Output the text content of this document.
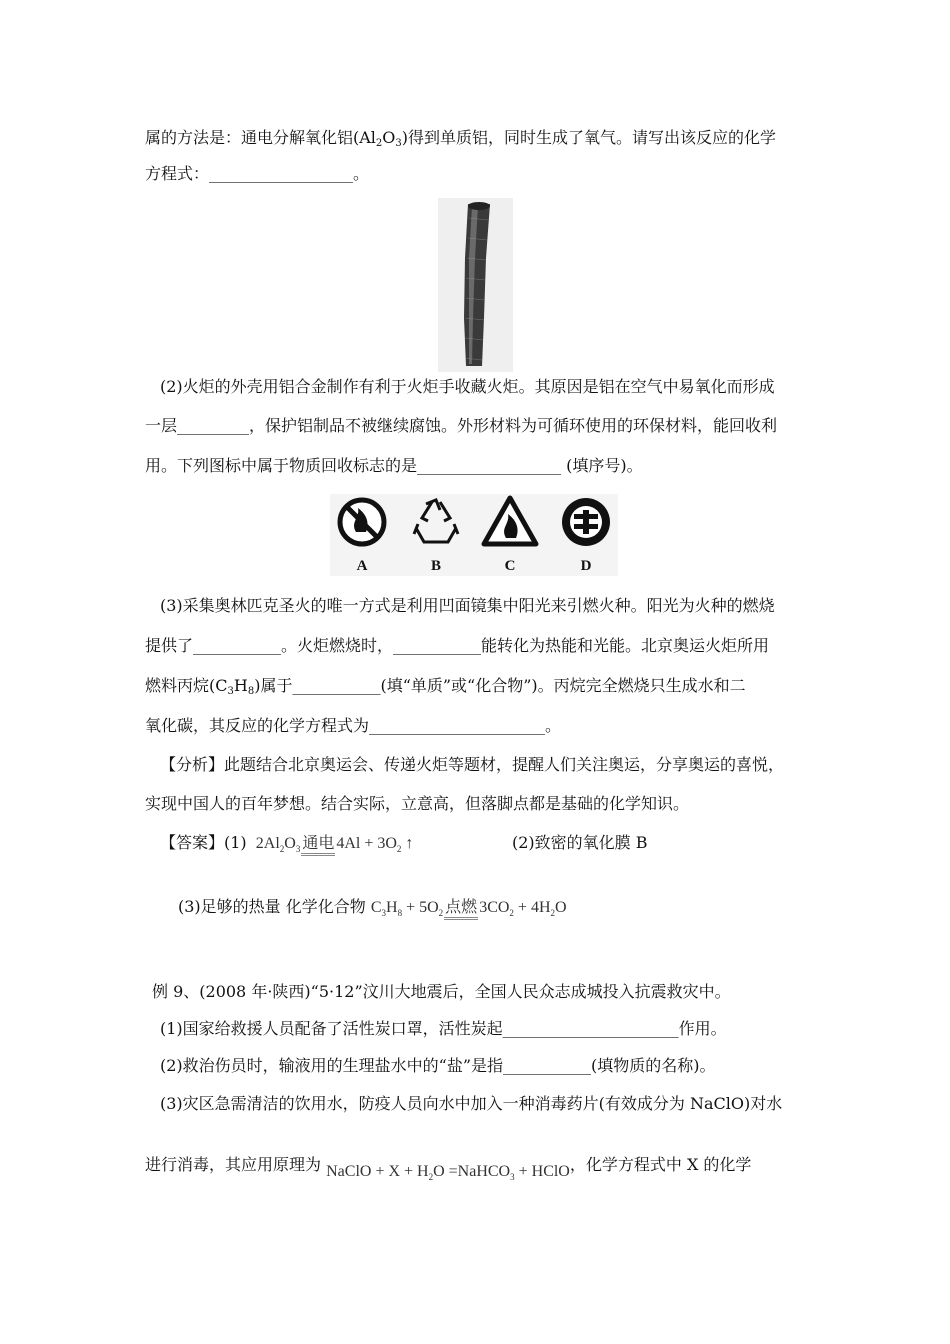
属的方法是：通电分解氧化铝$(Al_2O_3)$得到单质铝，同时生成了氧气。请写出该反应的化学
方程式：__________________。
(2)火炬的外壳用铝合金制作有利于火炬手收藏火炬。其原因是铝在空气中易氧化而形成
一层_________，保护铝制品不被继续腐蚀。外形材料为可循环使用的环保材料，能回收利
用。下列图标中属于物质回收标志的是__________________ (填序号)。
A	B	C	D
(3)采集奥林匹克圣火的唯一方式是利用凹面镜集中阳光来引燃火种。阳光为火种的燃烧
提供了___________。火炬燃烧时，___________能转化为热能和光能。北京奥运火炬所用
燃料丙烷$(C_3H_8)$属于___________(填“单质”或“化合物”)。丙烷完全燃烧只生成水和二
氧化碳，其反应的化学方程式为______________________。
【分析】此题结合北京奥运会、传递火炬等题材，提醒人们关注奥运，分享奥运的喜悦，
实现中国人的百年梦想。结合实际，立意高，但落脚点都是基础的化学知识。
【答案】(1) $2Al_2O_3$ 通电 $4Al + 3O_2$ ↑	(2)致密的氧化膜 B
(3)足够的热量 化学化合物 $C_3H_8 + 5O_2$ 点燃 $3CO_2 + 4H_2O$
例 9、(2008 年·陕西)“5·12”汶川大地震后，全国人民众志成城投入抗震救灾中。
(1)国家给救援人员配备了活性炭口罩，活性炭起______________________作用。
(2)救治伤员时，输液用的生理盐水中的“盐”是指___________(填物质的名称)。
(3)灾区急需清洁的饮用水，防疫人员向水中加入一种消毒药片(有效成分为 NaClO)对水
进行消毒，其应用原理为 NaClO + $X + H_2O$ =NaHCO$_3$ + HClO，化学方程式中 X 的化学
